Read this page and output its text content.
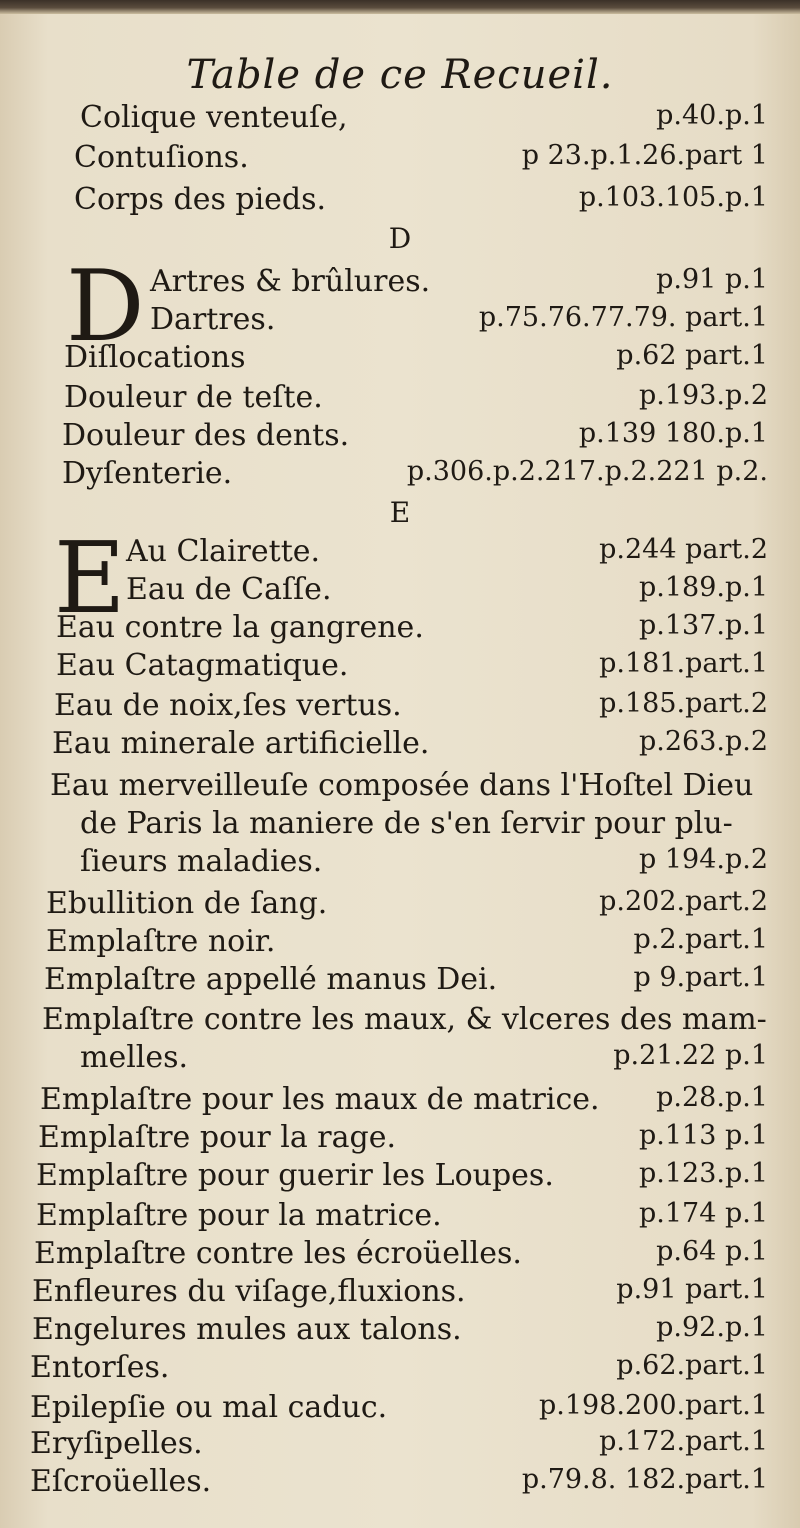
Table de ce Recueil.
Colique venteuſe,	p.40.p.1
Contuſions.	p 23.p.1.26.part 1
Corps des pieds.	p.103.105.p.1
D
D Artres & brûlures.	p.91 p.1
Dartres.	p.75.76.77.79. part.1
Diſlocations	p.62 part.1
Douleur de teſte.	p.193.p.2
Douleur des dents.	p.139 180.p.1
Dyſenterie.	p.306.p.2.217.p.2.221 p.2.
E
E Au Clairette.	p.244 part.2
Eau de Caſſe.	p.189.p.1
Eau contre la gangrene.	p.137.p.1
Eau Catagmatique.	p.181.part.1
Eau de noix,ſes vertus.	p.185.part.2
Eau minerale artificielle.	p.263.p.2
Eau merveilleuſe composée dans l'Hoſtel Dieu
de Paris la maniere de s'en ſervir pour plu-
ſieurs maladies.	p 194.p.2
Ebullition de ſang.	p.202.part.2
Emplaſtre noir.	p.2.part.1
Emplaſtre appellé manus Dei.	p 9.part.1
Emplaſtre contre les maux, & vlceres des mam-
melles.	p.21.22 p.1
Emplaſtre pour les maux de matrice. p.28.p.1
Emplaſtre pour la rage.	p.113 p.1
Emplaſtre pour guerir les Loupes.	p.123.p.1
Emplaſtre pour la matrice.	p.174 p.1
Emplaſtre contre les écroüelles.	p.64 p.1
Enfleures du viſage,fluxions.	p.91 part.1
Engelures mules aux talons.	p.92.p.1
Entorſes.	p.62.part.1
Epilepſie ou mal caduc.	p.198.200.part.1
Eryſipelles.	p.172.part.1
Eſcroüelles.	p.79.8. 182.part.1
